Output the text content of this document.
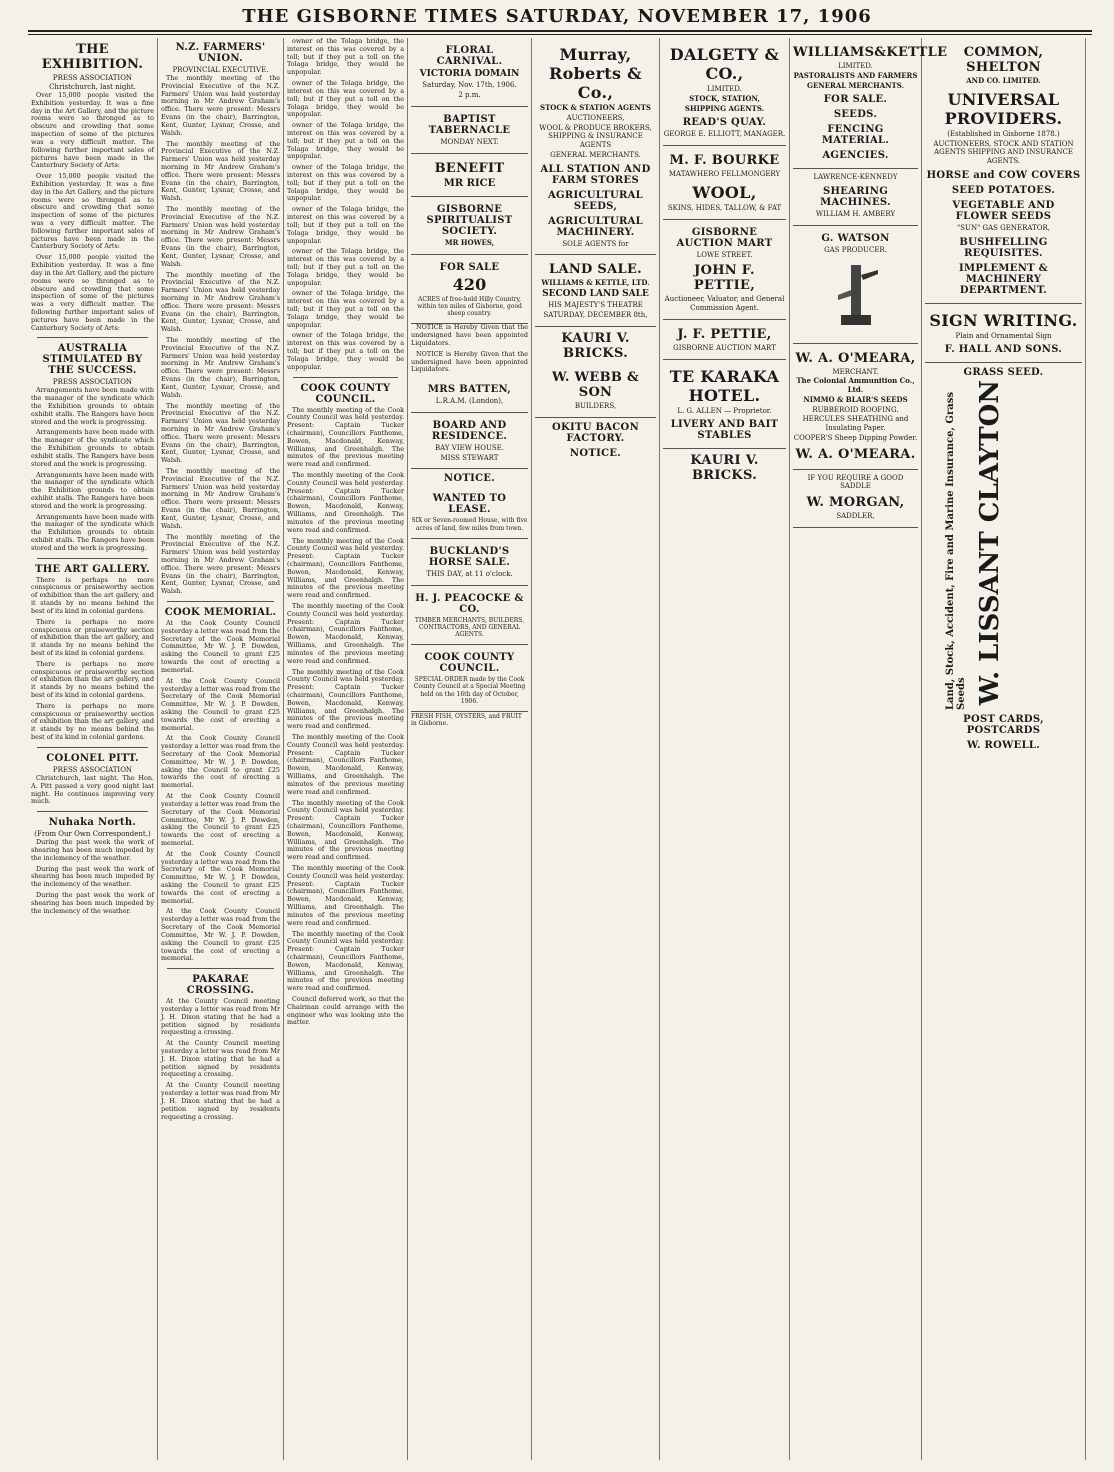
THE GISBORNE TIMES SATURDAY, NOVEMBER 17, 1906
THE EXHIBITION.
PRESS ASSOCIATION
Christchurch, last night.

Over 15,000 people visited the Exhibition yesterday. It was a fine day in the Art Gallery, and the picture rooms were so thronged as to obscure and crowding that some inspection of some of the pictures was a very difficult matter. The following further important sales of pictures have been made in the Canterbury Society of Arts:

Over 15,000 people visited the Exhibition yesterday. It was a fine day in the Art Gallery, and the picture rooms were so thronged as to obscure and crowding that some inspection of some of the pictures was a very difficult matter. The following further important sales of pictures have been made in the Canterbury Society of Arts:

Over 15,000 people visited the Exhibition yesterday. It was a fine day in the Art Gallery, and the picture rooms were so thronged as to obscure and crowding that some inspection of some of the pictures was a very difficult matter. The following further important sales of pictures have been made in the Canterbury Society of Arts:

AUSTRALIA STIMULATED BY THE SUCCESS.
PRESS ASSOCIATION

Arrangements have been made with the manager of the syndicate which the Exhibition grounds to obtain exhibit stalls. The Rangers have been stored and the work is progressing.

Arrangements have been made with the manager of the syndicate which the Exhibition grounds to obtain exhibit stalls. The Rangers have been stored and the work is progressing.

Arrangements have been made with the manager of the syndicate which the Exhibition grounds to obtain exhibit stalls. The Rangers have been stored and the work is progressing.

Arrangements have been made with the manager of the syndicate which the Exhibition grounds to obtain exhibit stalls. The Rangers have been stored and the work is progressing.

THE ART GALLERY.

There is perhaps no more conspicuous or praiseworthy section of exhibition than the art gallery, and it stands by no means behind the best of its kind in colonial gardens.

There is perhaps no more conspicuous or praiseworthy section of exhibition than the art gallery, and it stands by no means behind the best of its kind in colonial gardens.

There is perhaps no more conspicuous or praiseworthy section of exhibition than the art gallery, and it stands by no means behind the best of its kind in colonial gardens.

There is perhaps no more conspicuous or praiseworthy section of exhibition than the art gallery, and it stands by no means behind the best of its kind in colonial gardens.

COLONEL PITT.
PRESS ASSOCIATION

Christchurch, last night. The Hon. A. Pitt passed a very good night last night. He continues improving very much.

Nuhaka North.
(From Our Own Correspondent.)

During the past week the work of shearing has been much impeded by the inclemency of the weather.

During the past week the work of shearing has been much impeded by the inclemency of the weather.

During the past week the work of shearing has been much impeded by the inclemency of the weather.

N.Z. FARMERS' UNION.
PROVINCIAL EXECUTIVE.

The monthly meeting of the Provincial Executive of the N.Z. Farmers' Union was held yesterday morning in Mr Andrew Graham's office. There were present: Messrs Evans (in the chair), Barrington, Kent, Gunter, Lysnar, Crosse, and Walsh.

The monthly meeting of the Provincial Executive of the N.Z. Farmers' Union was held yesterday morning in Mr Andrew Graham's office. There were present: Messrs Evans (in the chair), Barrington, Kent, Gunter, Lysnar, Crosse, and Walsh.

The monthly meeting of the Provincial Executive of the N.Z. Farmers' Union was held yesterday morning in Mr Andrew Graham's office. There were present: Messrs Evans (in the chair), Barrington, Kent, Gunter, Lysnar, Crosse, and Walsh.

The monthly meeting of the Provincial Executive of the N.Z. Farmers' Union was held yesterday morning in Mr Andrew Graham's office. There were present: Messrs Evans (in the chair), Barrington, Kent, Gunter, Lysnar, Crosse, and Walsh.

The monthly meeting of the Provincial Executive of the N.Z. Farmers' Union was held yesterday morning in Mr Andrew Graham's office. There were present: Messrs Evans (in the chair), Barrington, Kent, Gunter, Lysnar, Crosse, and Walsh.

The monthly meeting of the Provincial Executive of the N.Z. Farmers' Union was held yesterday morning in Mr Andrew Graham's office. There were present: Messrs Evans (in the chair), Barrington, Kent, Gunter, Lysnar, Crosse, and Walsh.

The monthly meeting of the Provincial Executive of the N.Z. Farmers' Union was held yesterday morning in Mr Andrew Graham's office. There were present: Messrs Evans (in the chair), Barrington, Kent, Gunter, Lysnar, Crosse, and Walsh.

The monthly meeting of the Provincial Executive of the N.Z. Farmers' Union was held yesterday morning in Mr Andrew Graham's office. There were present: Messrs Evans (in the chair), Barrington, Kent, Gunter, Lysnar, Crosse, and Walsh.

COOK MEMORIAL.

At the Cook County Council yesterday a letter was read from the Secretary of the Cook Memorial Committee, Mr W. J. P. Dowden, asking the Council to grant £25 towards the cost of erecting a memorial.

At the Cook County Council yesterday a letter was read from the Secretary of the Cook Memorial Committee, Mr W. J. P. Dowden, asking the Council to grant £25 towards the cost of erecting a memorial.

At the Cook County Council yesterday a letter was read from the Secretary of the Cook Memorial Committee, Mr W. J. P. Dowden, asking the Council to grant £25 towards the cost of erecting a memorial.

At the Cook County Council yesterday a letter was read from the Secretary of the Cook Memorial Committee, Mr W. J. P. Dowden, asking the Council to grant £25 towards the cost of erecting a memorial.

At the Cook County Council yesterday a letter was read from the Secretary of the Cook Memorial Committee, Mr W. J. P. Dowden, asking the Council to grant £25 towards the cost of erecting a memorial.

At the Cook County Council yesterday a letter was read from the Secretary of the Cook Memorial Committee, Mr W. J. P. Dowden, asking the Council to grant £25 towards the cost of erecting a memorial.

PAKARAE CROSSING.

At the County Council meeting yesterday a letter was read from Mr J. H. Dixon stating that he had a petition signed by residents requesting a crossing.

At the County Council meeting yesterday a letter was read from Mr J. H. Dixon stating that he had a petition signed by residents requesting a crossing.

At the County Council meeting yesterday a letter was read from Mr J. H. Dixon stating that he had a petition signed by residents requesting a crossing.

owner of the Tolaga bridge, the interest on this was covered by a toll; but if they put a toll on the Tolaga bridge, they would be unpopular.

owner of the Tolaga bridge, the interest on this was covered by a toll; but if they put a toll on the Tolaga bridge, they would be unpopular.

owner of the Tolaga bridge, the interest on this was covered by a toll; but if they put a toll on the Tolaga bridge, they would be unpopular.

owner of the Tolaga bridge, the interest on this was covered by a toll; but if they put a toll on the Tolaga bridge, they would be unpopular.

owner of the Tolaga bridge, the interest on this was covered by a toll; but if they put a toll on the Tolaga bridge, they would be unpopular.

owner of the Tolaga bridge, the interest on this was covered by a toll; but if they put a toll on the Tolaga bridge, they would be unpopular.

owner of the Tolaga bridge, the interest on this was covered by a toll; but if they put a toll on the Tolaga bridge, they would be unpopular.

owner of the Tolaga bridge, the interest on this was covered by a toll; but if they put a toll on the Tolaga bridge, they would be unpopular.

COOK COUNTY COUNCIL.

The monthly meeting of the Cook County Council was held yesterday. Present: Captain Tucker (chairman), Councillors Fanthome, Bowen, Macdonald, Kenway, Williams, and Greenhalgh. The minutes of the previous meeting were read and confirmed.

The monthly meeting of the Cook County Council was held yesterday. Present: Captain Tucker (chairman), Councillors Fanthome, Bowen, Macdonald, Kenway, Williams, and Greenhalgh. The minutes of the previous meeting were read and confirmed.

The monthly meeting of the Cook County Council was held yesterday. Present: Captain Tucker (chairman), Councillors Fanthome, Bowen, Macdonald, Kenway, Williams, and Greenhalgh. The minutes of the previous meeting were read and confirmed.

The monthly meeting of the Cook County Council was held yesterday. Present: Captain Tucker (chairman), Councillors Fanthome, Bowen, Macdonald, Kenway, Williams, and Greenhalgh. The minutes of the previous meeting were read and confirmed.

The monthly meeting of the Cook County Council was held yesterday. Present: Captain Tucker (chairman), Councillors Fanthome, Bowen, Macdonald, Kenway, Williams, and Greenhalgh. The minutes of the previous meeting were read and confirmed.

The monthly meeting of the Cook County Council was held yesterday. Present: Captain Tucker (chairman), Councillors Fanthome, Bowen, Macdonald, Kenway, Williams, and Greenhalgh. The minutes of the previous meeting were read and confirmed.

The monthly meeting of the Cook County Council was held yesterday. Present: Captain Tucker (chairman), Councillors Fanthome, Bowen, Macdonald, Kenway, Williams, and Greenhalgh. The minutes of the previous meeting were read and confirmed.

The monthly meeting of the Cook County Council was held yesterday. Present: Captain Tucker (chairman), Councillors Fanthome, Bowen, Macdonald, Kenway, Williams, and Greenhalgh. The minutes of the previous meeting were read and confirmed.

The monthly meeting of the Cook County Council was held yesterday. Present: Captain Tucker (chairman), Councillors Fanthome, Bowen, Macdonald, Kenway, Williams, and Greenhalgh. The minutes of the previous meeting were read and confirmed.

Council deferred work, so that the Chairman could arrange with the engineer who was looking into the matter.

FLORAL CARNIVAL.
VICTORIA DOMAIN
Saturday, Nov. 17th, 1906.
2 p.m.
BAPTIST TABERNACLE
MONDAY NEXT.
BENEFIT
MR RICE
GISBORNE SPIRITUALIST SOCIETY.
MR HOWES,
FOR SALE
420
ACRES of free-hold Hilly Country, within ten miles of Gisborne, good sheep country.

NOTICE is Hereby Given that the undersigned have been appointed Liquidators.

NOTICE is Hereby Given that the undersigned have been appointed Liquidators.

MRS BATTEN,
L.R.A.M. (London),
BOARD AND RESIDENCE.
BAY VIEW HOUSE.
MISS STEWART
NOTICE.
WANTED TO LEASE.
SIX or Seven-roomed House, with five acres of land, few miles from town.
BUCKLAND'S HORSE SALE.
THIS DAY, at 11 o'clock.
H. J. PEACOCKE & CO.
TIMBER MERCHANTS, BUILDERS, CONTRACTORS, AND GENERAL AGENTS.
COOK COUNTY COUNCIL.
SPECIAL ORDER made by the Cook County Council at a Special Meeting held on the 16th day of October, 1906.
FRESH FISH, OYSTERS, and FRUIT in Gisborne.
Murray, Roberts & Co.,
STOCK & STATION AGENTS
AUCTIONEERS,
WOOL & PRODUCE BROKERS, SHIPPING & INSURANCE AGENTS
GENERAL MERCHANTS.
ALL STATION AND FARM STORES
AGRICULTURAL SEEDS,
AGRICULTURAL MACHINERY.
SOLE AGENTS for
LAND SALE.
WILLIAMS & KETTLE, LTD.
SECOND LAND SALE
HIS MAJESTY'S THEATRE
SATURDAY, DECEMBER 8th,
KAURI V. BRICKS.
W. WEBB & SON
BUILDERS,
OKITU BACON FACTORY.
NOTICE.
DALGETY & CO.,
LIMITED.
STOCK, STATION,
SHIPPING AGENTS.
READ'S QUAY.
GEORGE E. ELLIOTT, MANAGER.
M. F. BOURKE
MATAWHERO FELLMONGERY
WOOL,
SKINS, HIDES, TALLOW, & FAT
GISBORNE AUCTION MART
LOWE STREET.
JOHN F. PETTIE,
Auctioneer, Valuator, and General Commission Agent.
J. F. PETTIE,
GISBORNE AUCTION MART
TE KARAKA HOTEL.
L. G. ALLEN — Proprietor.
LIVERY AND BAIT STABLES
KAURI V. BRICKS.
WILLIAMS&KETTLE
LIMITED.
PASTORALISTS AND FARMERS
GENERAL MERCHANTS.
FOR SALE.
SEEDS.
FENCING MATERIAL.
AGENCIES.
LAWRENCE-KENNEDY
SHEARING MACHINES.
WILLIAM H. AMBERY
G. WATSON
GAS PRODUCER.
W. A. O'MEARA,
MERCHANT.
The Colonial Ammunition Co., Ltd.
NIMMO & BLAIR'S SEEDS
RUBBEROID ROOFING.
HERCULES SHEATHING and Insulating Paper.
COOPER'S Sheep Dipping Powder.
W. A. O'MEARA.
IF YOU REQUIRE A GOOD SADDLE
W. MORGAN,
SADDLER,
COMMON, SHELTON
AND CO. LIMITED.
UNIVERSAL PROVIDERS.
(Established in Gisborne 1878.)
AUCTIONEERS, STOCK AND STATION AGENTS SHIPPING AND INSURANCE AGENTS.
HORSE and COW COVERS
SEED POTATOES.
VEGETABLE AND FLOWER SEEDS
"SUN" GAS GENERATOR,
BUSHFELLING REQUISITES.
IMPLEMENT & MACHINERY DEPARTMENT.
SIGN WRITING.
Plain and Ornamental Sign
F. HALL AND SONS.
GRASS SEED.
W. LISSANT CLAYTON
Land, Stock, Accident, Fire and Marine Insurance, Grass Seeds
POST CARDS, POSTCARDS
W. ROWELL.
